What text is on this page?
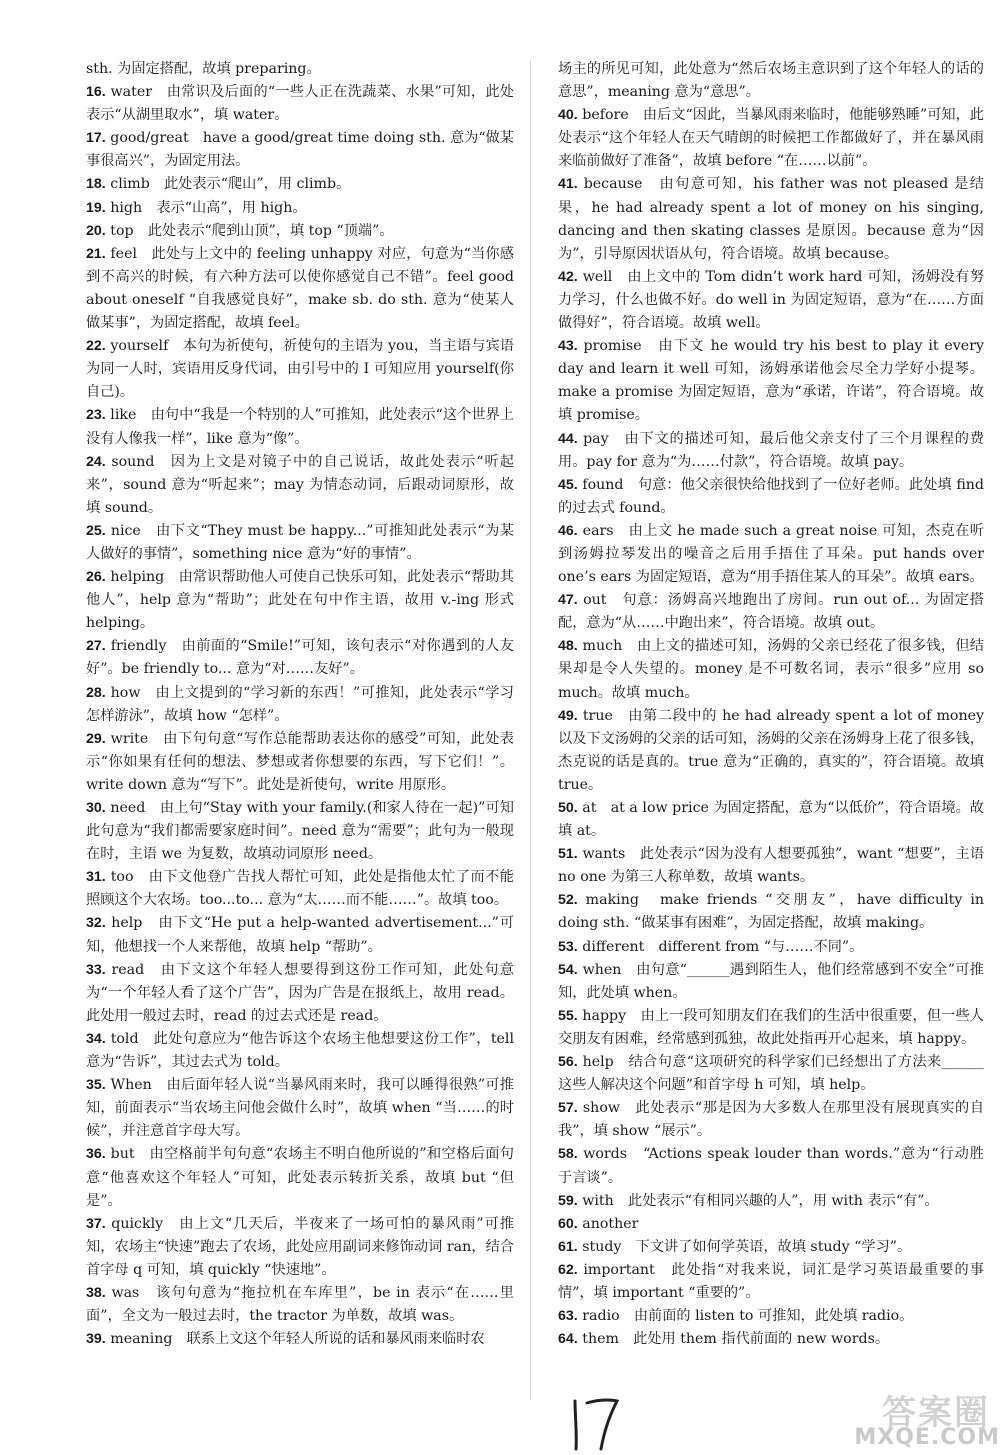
sth. 为固定搭配，故填 preparing。

16. water　由常识及后面的“一些人正在洗蔬菜、水果”可知，此处表示“从湖里取水”，填 water。

17. good/great　have a good/great time doing sth. 意为“做某事很高兴”，为固定用法。

18. climb　此处表示“爬山”，用 climb。

19. high　表示“山高”，用 high。

20. top　此处表示“爬到山顶”，填 top “顶端”。

21. feel　此处与上文中的 feeling unhappy 对应，句意为“当你感到不高兴的时候，有六种方法可以使你感觉自己不错”。feel good about oneself “自我感觉良好”，make sb. do sth. 意为“使某人做某事”，为固定搭配，故填 feel。

22. yourself　本句为祈使句，祈使句的主语为 you，当主语与宾语为同一人时，宾语用反身代词，由引号中的 I 可知应用 yourself(你自己)。

23. like　由句中“我是一个特别的人”可推知，此处表示“这个世界上没有人像我一样”，like 意为“像”。

24. sound　因为上文是对镜子中的自己说话，故此处表示“听起来”，sound 意为“听起来”；may 为情态动词，后跟动词原形，故填 sound。

25. nice　由下文“They must be happy...”可推知此处表示“为某人做好的事情”，something nice 意为“好的事情”。

26. helping　由常识帮助他人可使自己快乐可知，此处表示“帮助其他人”，help 意为“帮助”；此处在句中作主语，故用 v.-ing 形式 helping。

27. friendly　由前面的“Smile!”可知，该句表示“对你遇到的人友好”。be friendly to... 意为“对……友好”。

28. how　由上文提到的“学习新的东西！”可推知，此处表示“学习怎样游泳”，故填 how “怎样”。

29. write　由下句句意“写作总能帮助表达你的感受”可知，此处表示“你如果有任何的想法、梦想或者你想要的东西，写下它们！”。write down 意为“写下”。此处是祈使句，write 用原形。

30. need　由上句“Stay with your family.(和家人待在一起)”可知此句意为“我们都需要家庭时间”。need 意为“需要”；此句为一般现在时，主语 we 为复数，故填动词原形 need。

31. too　由下文他登广告找人帮忙可知，此处是指他太忙了而不能照顾这个大农场。too...to... 意为“太……而不能……”。故填 too。

32. help　由下文“He put a help-wanted advertisement...”可知，他想找一个人来帮他，故填 help “帮助”。

33. read　由下文这个年轻人想要得到这份工作可知，此处句意为“一个年轻人看了这个广告”，因为广告是在报纸上，故用 read。此处用一般过去时，read 的过去式还是 read。

34. told　此处句意应为“他告诉这个农场主他想要这份工作”，tell 意为“告诉”，其过去式为 told。

35. When　由后面年轻人说“当暴风雨来时，我可以睡得很熟”可推知，前面表示“当农场主问他会做什么时”，故填 when “当……的时候”，并注意首字母大写。

36. but　由空格前半句句意“农场主不明白他所说的”和空格后面句意“他喜欢这个年轻人”可知，此处表示转折关系，故填 but “但是”。

37. quickly　由上文“几天后，半夜来了一场可怕的暴风雨”可推知，农场主“快速”跑去了农场，此处应用副词来修饰动词 ran，结合首字母 q 可知，填 quickly “快速地”。

38. was　该句句意为“拖拉机在车库里”，be in 表示“在……里面”，全文为一般过去时，the tractor 为单数，故填 was。

39. meaning　联系上文这个年轻人所说的话和暴风雨来临时农

场主的所见可知，此处意为“然后农场主意识到了这个年轻人的话的意思”，meaning 意为“意思”。

40. before　由后文“因此，当暴风雨来临时，他能够熟睡”可知，此处表示“这个年轻人在天气晴朗的时候把工作都做好了，并在暴风雨来临前做好了准备”，故填 before “在……以前”。

41. because　由句意可知，his father was not pleased 是结果，he had already spent a lot of money on his singing, dancing and then skating classes 是原因。because 意为“因为”，引导原因状语从句，符合语境。故填 because。

42. well　由上文中的 Tom didn’t work hard 可知，汤姆没有努力学习，什么也做不好。do well in 为固定短语，意为“在……方面做得好”，符合语境。故填 well。

43. promise　由下文 he would try his best to play it every day and learn it well 可知，汤姆承诺他会尽全力学好小提琴。make a promise 为固定短语，意为“承诺，许诺”，符合语境。故填 promise。

44. pay　由下文的描述可知，最后他父亲支付了三个月课程的费用。pay for 意为“为……付款”，符合语境。故填 pay。

45. found　句意：他父亲很快给他找到了一位好老师。此处填 find 的过去式 found。

46. ears　由上文 he made such a great noise 可知，杰克在听到汤姆拉琴发出的噪音之后用手捂住了耳朵。put hands over one’s ears 为固定短语，意为“用手捂住某人的耳朵”。故填 ears。

47. out　句意：汤姆高兴地跑出了房间。run out of... 为固定搭配，意为“从……中跑出来”，符合语境。故填 out。

48. much　由上文的描述可知，汤姆的父亲已经花了很多钱，但结果却是令人失望的。money 是不可数名词，表示“很多”应用 so much。故填 much。

49. true　由第二段中的 he had already spent a lot of money 以及下文汤姆的父亲的话可知，汤姆的父亲在汤姆身上花了很多钱，杰克说的话是真的。true 意为“正确的，真实的”，符合语境。故填 true。

50. at　at a low price 为固定搭配，意为“以低价”，符合语境。故填 at。

51. wants　此处表示“因为没有人想要孤独”，want “想要”，主语 no one 为第三人称单数，故填 wants。

52. making　make friends “交朋友”，have difficulty in doing sth. “做某事有困难”，为固定搭配，故填 making。

53. different　different from “与……不同”。

54. when　由句意“______遇到陌生人，他们经常感到不安全”可推知，此处填 when。

55. happy　由上一段可知朋友们在我们的生活中很重要，但一些人交朋友有困难，经常感到孤独，故此处指再开心起来，填 happy。

56. help　结合句意“这项研究的科学家们已经想出了方法来______这些人解决这个问题”和首字母 h 可知，填 help。

57. show　此处表示“那是因为大多数人在那里没有展现真实的自我”，填 show “展示”。

58. words　“Actions speak louder than words.”意为“行动胜于言谈”。

59. with　此处表示“有相同兴趣的人”，用 with 表示“有”。

60. another

61. study　下文讲了如何学英语，故填 study “学习”。

62. important　此处指“对我来说，词汇是学习英语最重要的事情”，填 important “重要的”。

63. radio　由前面的 listen to 可推知，此处填 radio。

64. them　此处用 them 指代前面的 new words。

答案圈
MXQE.COM
